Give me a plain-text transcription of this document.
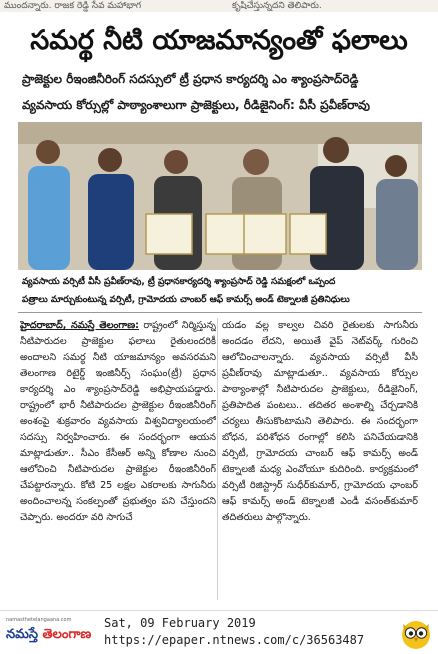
ముందన్నారు. రాజక రెడ్డి సేవ మహాభాగ	కృషిచేస్తున్నదని తెలిపారు.
సమర్థ నీటి యాజమాన్యంతో ఫలాలు
ప్రాజెక్టుల రీఇంజినీరింగ్ సదస్సులో ట్రీ ప్రధాన కార్యదర్శి ఎం శ్యాంప్రసాద్‌రెడ్డి
వ్యవసాయ కోర్సుల్లో పాఠ్యాంశాలుగా ప్రాజెక్టులు, రీడిజైనింగ్: వీసీ ప్రవీణ్‌రావు
వ్యవసాయ వర్సిటీ వీసీ ప్రవీణ్‌రావు, ట్రీ ప్రధానకార్యదర్శి శ్యాంప్రసాద్ రెడ్డి సమక్షంలో ఒప్పంద
పత్రాలు మార్చుకుంటున్న వర్సిటీ, గ్రామోదయ చాంబర్ ఆఫ్ కామర్స్ అండ్ టెక్నాలజీ ప్రతినిధులు

హైదరాబాద్, నమస్తే తెలంగాణ: రాష్ట్రంలో నిర్మిస్తున్న నీటిపారుదల ప్రాజెక్టుల ఫలాలు రైతులందరికీ అందాలని సమర్థ నీటి యాజమాన్యం అవసరమని తెలంగాణ రిటైర్డ్ ఇంజినీర్స్ సంఘం(ట్రీ) ప్రధాన కార్యదర్శి ఎం శ్యాంప్రసాద్‌రెడ్డి అభిప్రాయపడ్డారు. రాష్ట్రంలో భారీ నీటిపారుదల ప్రాజెక్టుల రీఇంజినీరింగ్ అంశంపై శుక్రవారం వ్యవసాయ విశ్వవిద్యాలయంలో సదస్సు నిర్వహించారు. ఈ సందర్భంగా ఆయన మాట్లాడుతూ.. సీఎం కేసీఆర్ అన్ని కోణాల నుంచి ఆలోచించి నీటిపారుదల ప్రాజెక్టుల రీఇంజినీరింగ్ చేపట్టారన్నారు. కోటి 25 లక్షల ఎకరాలకు సాగునీరు అందించాలన్న సంకల్పంతో ప్రభుత్వం పని చేస్తుందని చెప్పారు. అందరూ వరి సాగుచే

యడం వల్ల కాల్వల చివరి రైతులకు సాగునీరు అందడం లేదని, అయితే వైప్ నెట్‌వర్క్ గురించి ఆలోచించాలన్నారు. వ్యవసాయ వర్సిటీ వీసీ ప్రవీణ్‌రావు మాట్లాడుతూ.. వ్యవసాయ కోర్సుల పాఠ్యాంశాల్లో నీటిపారుదల ప్రాజెక్టులు, రీడిజైనింగ్, ప్రతిపాదిత పంటలు.. తదితర అంశాల్ని చేర్చడానికి చర్యలు తీసుకొంటామని తెలిపారు. ఈ సందర్భంగా బోధన, పరిశోధన రంగాల్లో కలిసి పనిచేయడానికి వర్సిటీ, గ్రామోదయ చాంబర్ ఆఫ్ కామర్స్ అండ్ టెక్నాలజీ మధ్య ఎంవోయూ కుదిరింది. కార్యక్రమంలో వర్సిటీ రిజిస్ట్రార్ సుధీర్‌కుమార్, గ్రామోదయ ఛాంబర్ ఆఫ్ కామర్స్ అండ్ టెక్నాలజీ ఎండీ వసంత్‌కుమార్ తదితరులు పాల్గొన్నారు.

namasthetelangaana.com
నమస్తే తెలంగాణ
Sat, 09 February 2019
https://epaper.ntnews.com/c/36563487
